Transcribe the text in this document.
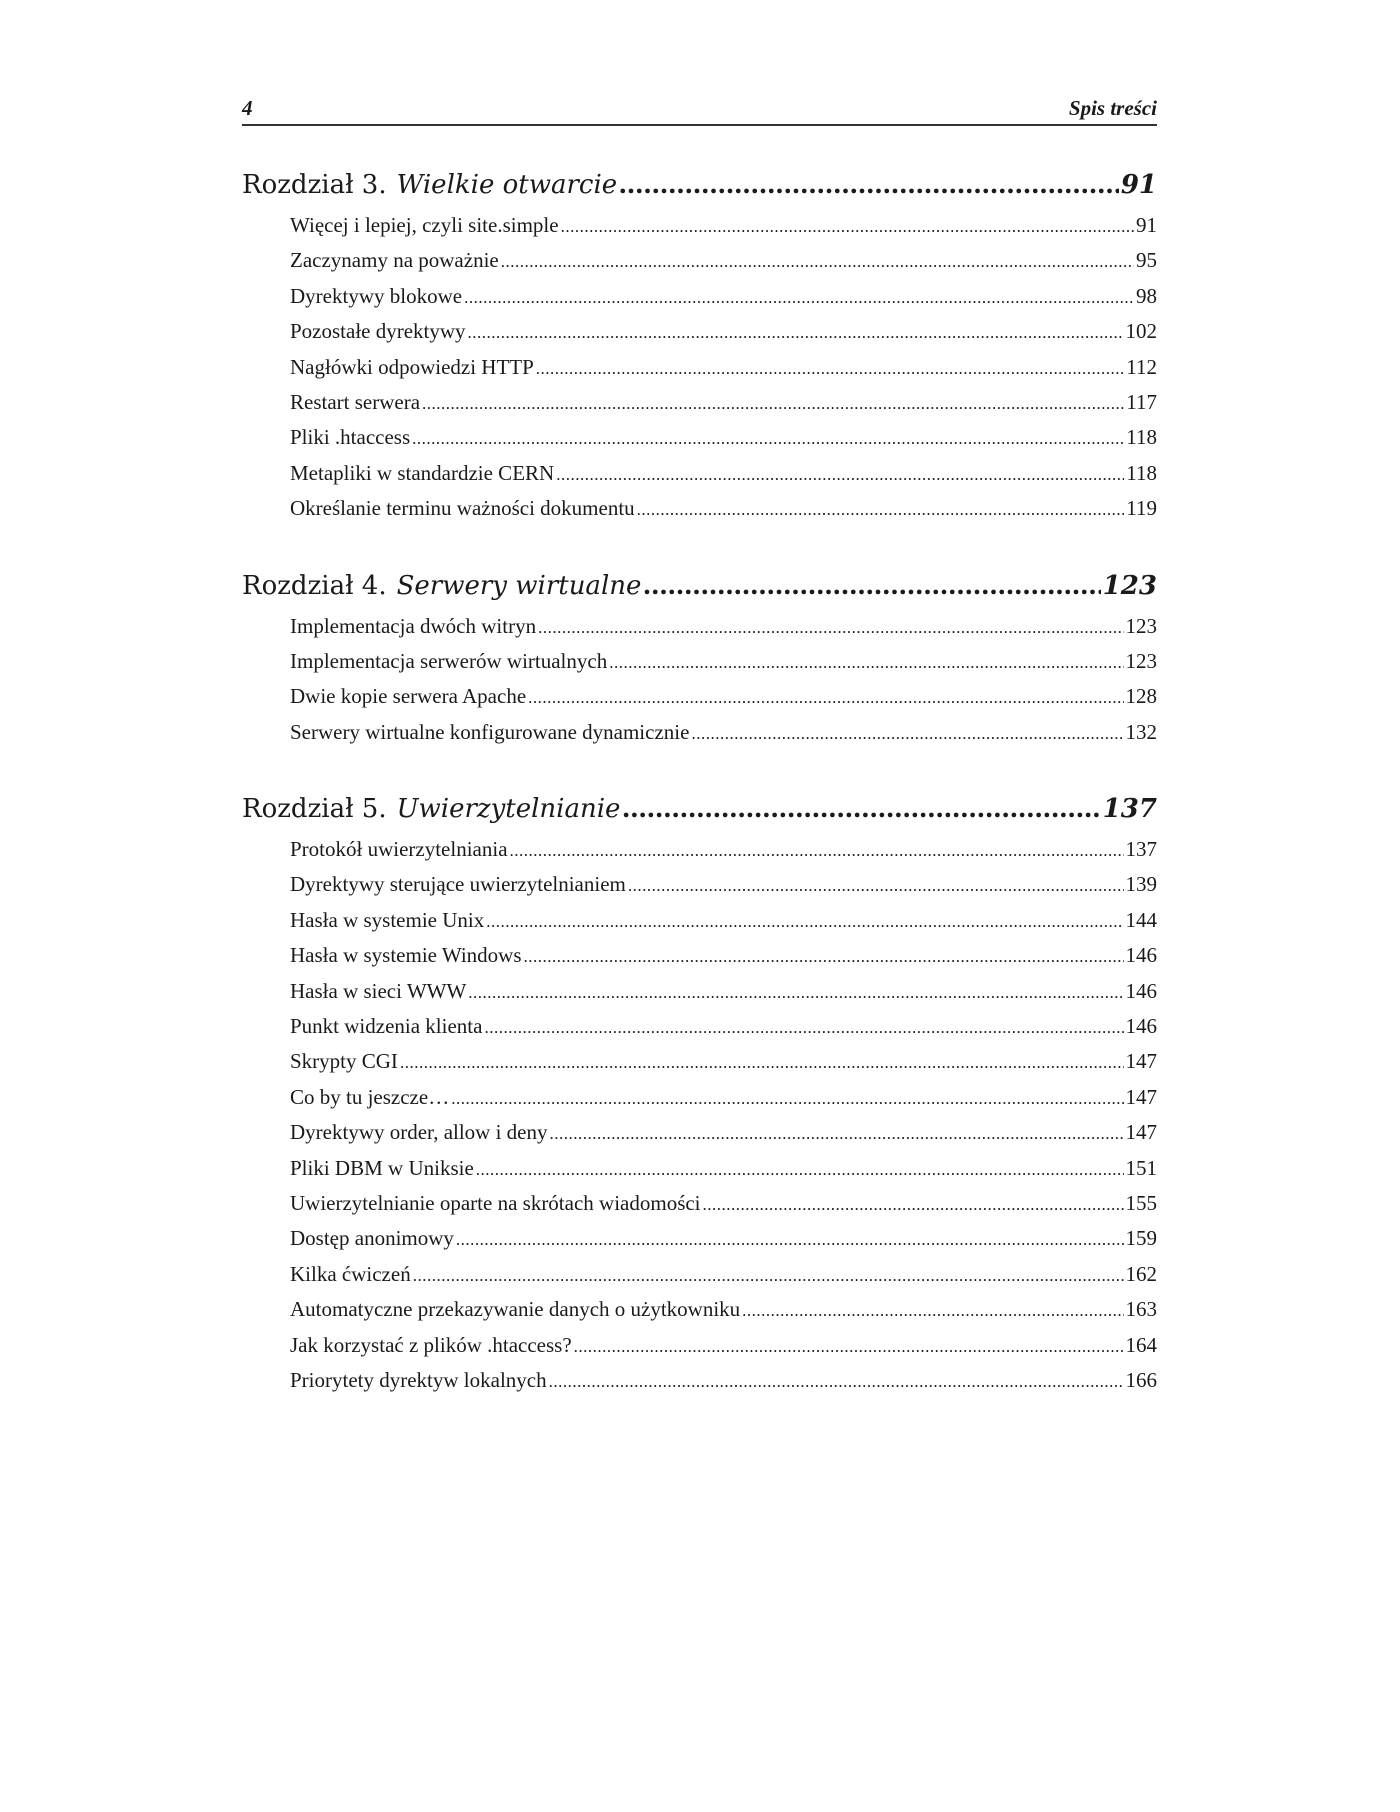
4	Spis treści
Rozdział 3. Wielkie otwarcie .....	91
Więcej i lepiej, czyli site.simple .....	91
Zaczynamy na poważnie .....	95
Dyrektywy blokowe .....	98
Pozostałe dyrektywy .....	102
Nagłówki odpowiedzi HTTP .....	112
Restart serwera .....	117
Pliki .htaccess .....	118
Metapliki w standardzie CERN .....	118
Określanie terminu ważności dokumentu .....	119
Rozdział 4. Serwery wirtualne .....	123
Implementacja dwóch witryn .....	123
Implementacja serwerów wirtualnych .....	123
Dwie kopie serwera Apache .....	128
Serwery wirtualne konfigurowane dynamicznie .....	132
Rozdział 5. Uwierzytelnianie .....	137
Protokół uwierzytelniania .....	137
Dyrektywy sterujące uwierzytelnianiem .....	139
Hasła w systemie Unix .....	144
Hasła w systemie Windows .....	146
Hasła w sieci WWW .....	146
Punkt widzenia klienta .....	146
Skrypty CGI .....	147
Co by tu jeszcze… .....	147
Dyrektywy order, allow i deny .....	147
Pliki DBM w Uniksie .....	151
Uwierzytelnianie oparte na skrótach wiadomości .....	155
Dostęp anonimowy .....	159
Kilka ćwiczeń .....	162
Automatyczne przekazywanie danych o użytkowniku .....	163
Jak korzystać z plików .htaccess? .....	164
Priorytety dyrektyw lokalnych .....	166
